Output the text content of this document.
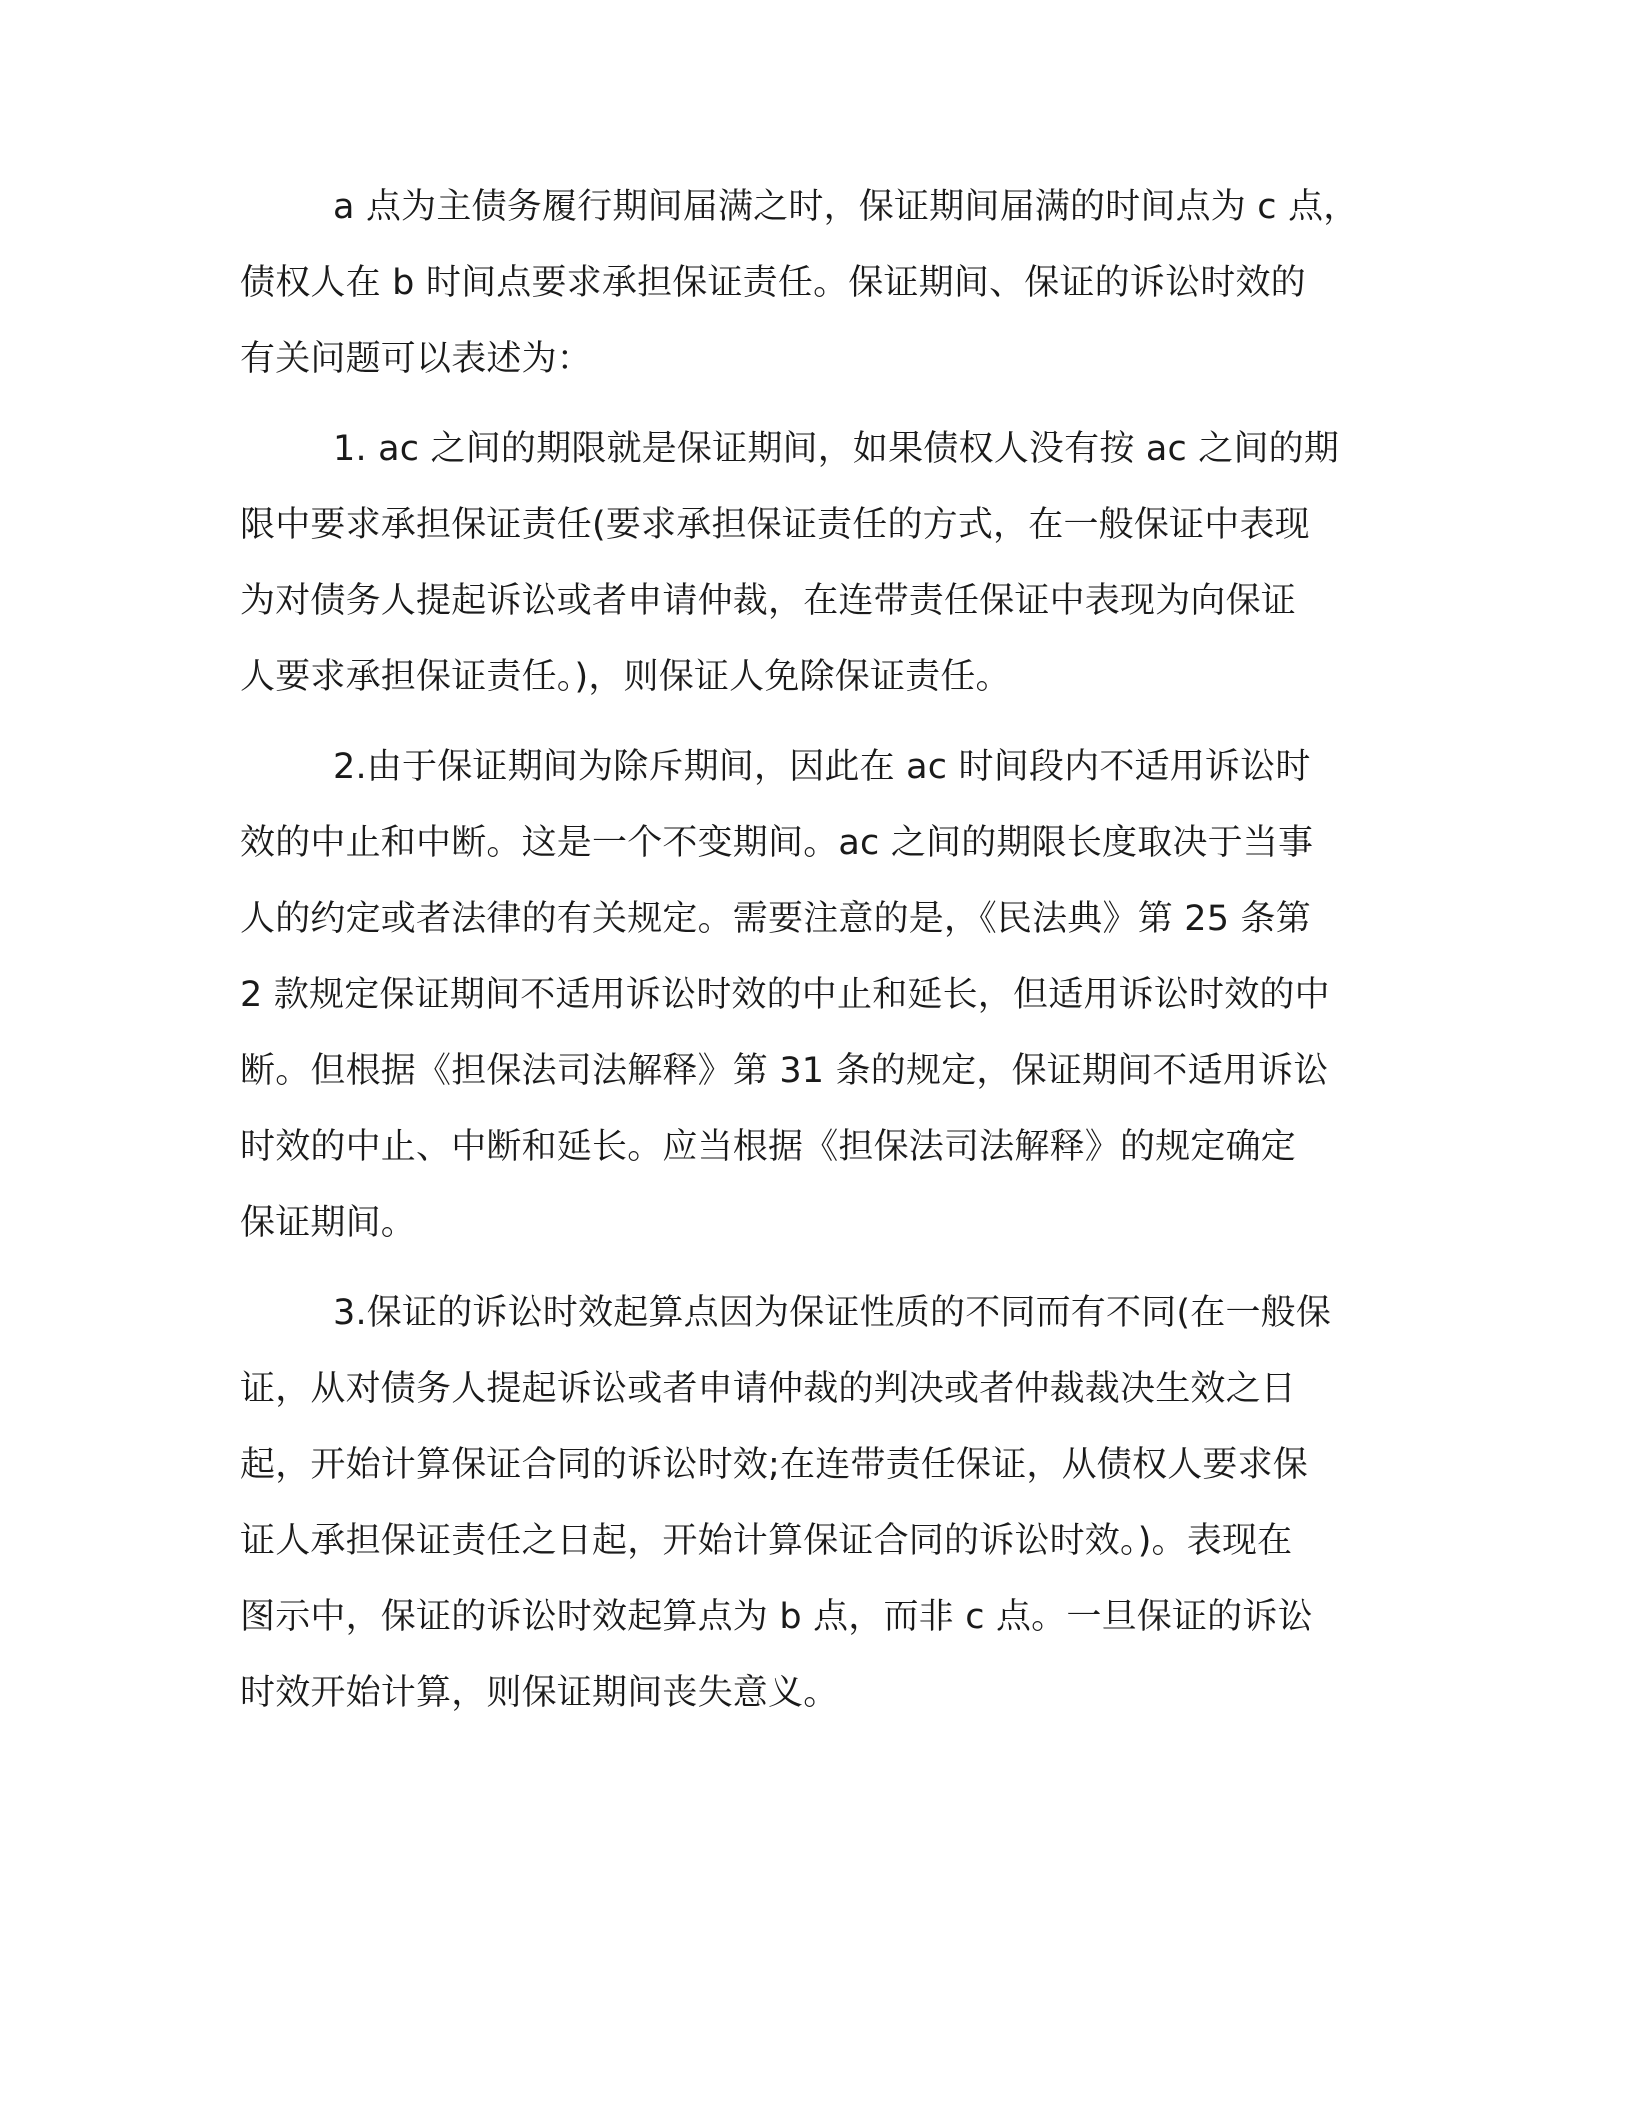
a 点为主债务履行期间届满之时，保证期间届满的时间点为 c 点，
债权人在 b 时间点要求承担保证责任。保证期间、保证的诉讼时效的
有关问题可以表述为：
1. ac 之间的期限就是保证期间，如果债权人没有按 ac 之间的期
限中要求承担保证责任(要求承担保证责任的方式，在一般保证中表现
为对债务人提起诉讼或者申请仲裁，在连带责任保证中表现为向保证
人要求承担保证责任。)，则保证人免除保证责任。
2.由于保证期间为除斥期间，因此在 ac 时间段内不适用诉讼时
效的中止和中断。这是一个不变期间。ac 之间的期限长度取决于当事
人的约定或者法律的有关规定。需要注意的是，《民法典》第 25 条第
2 款规定保证期间不适用诉讼时效的中止和延长，但适用诉讼时效的中
断。但根据《担保法司法解释》第 31 条的规定，保证期间不适用诉讼
时效的中止、中断和延长。应当根据《担保法司法解释》的规定确定
保证期间。
3.保证的诉讼时效起算点因为保证性质的不同而有不同(在一般保
证，从对债务人提起诉讼或者申请仲裁的判决或者仲裁裁决生效之日
起，开始计算保证合同的诉讼时效;在连带责任保证，从债权人要求保
证人承担保证责任之日起，开始计算保证合同的诉讼时效。)。表现在
图示中，保证的诉讼时效起算点为 b 点，而非 c 点。一旦保证的诉讼
时效开始计算，则保证期间丧失意义。
